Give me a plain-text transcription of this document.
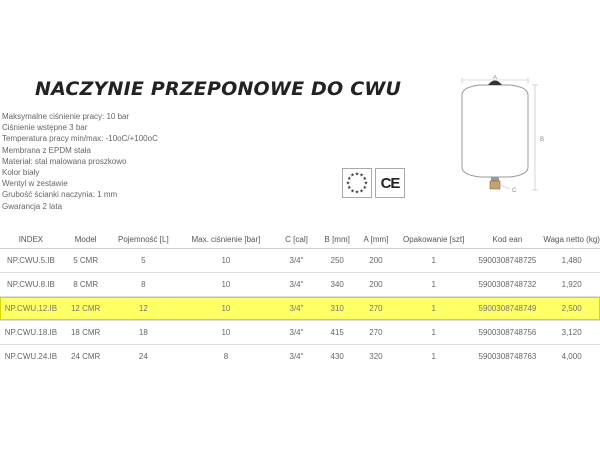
NACZYNIE PRZEPONOWE DO CWU
Maksymalne ciśnienie pracy: 10 bar
Ciśnienie wstępne 3 bar
Temperatura pracy min/max: -10oC/+100oC
Membrana z EPDM stała
Materiał: stal malowana proszkowo
Kolor biały
Wentyl w zestawie
Grubość ścianki naczynia: 1 mm
Gwarancja 2 lata
★ ★
★
★
★
★
★
★
★
★
★
★ CE
A
B
C
INDEX	Model	Pojemność [L]	Max. ciśnienie [bar]	C [cal]	B [mm]	A [mm]	Opakowanie [szt]	Kod ean	Waga netto (kg)
NP.CWU.5.IB	5 CMR	5	10	3/4"	250	200	1	5900308748725	1,480
NP.CWU.8.IB	8 CMR	8	10	3/4"	340	200	1	5900308748732	1,920
NP.CWU.12.IB	12 CMR	12	10	3/4"	310	270	1	5900308748749	2,500
NP.CWU.18.IB	18 CMR	18	10	3/4"	415	270	1	5900308748756	3,120
NP.CWU.24.IB	24 CMR	24	8	3/4"	430	320	1	5900308748763	4,000
